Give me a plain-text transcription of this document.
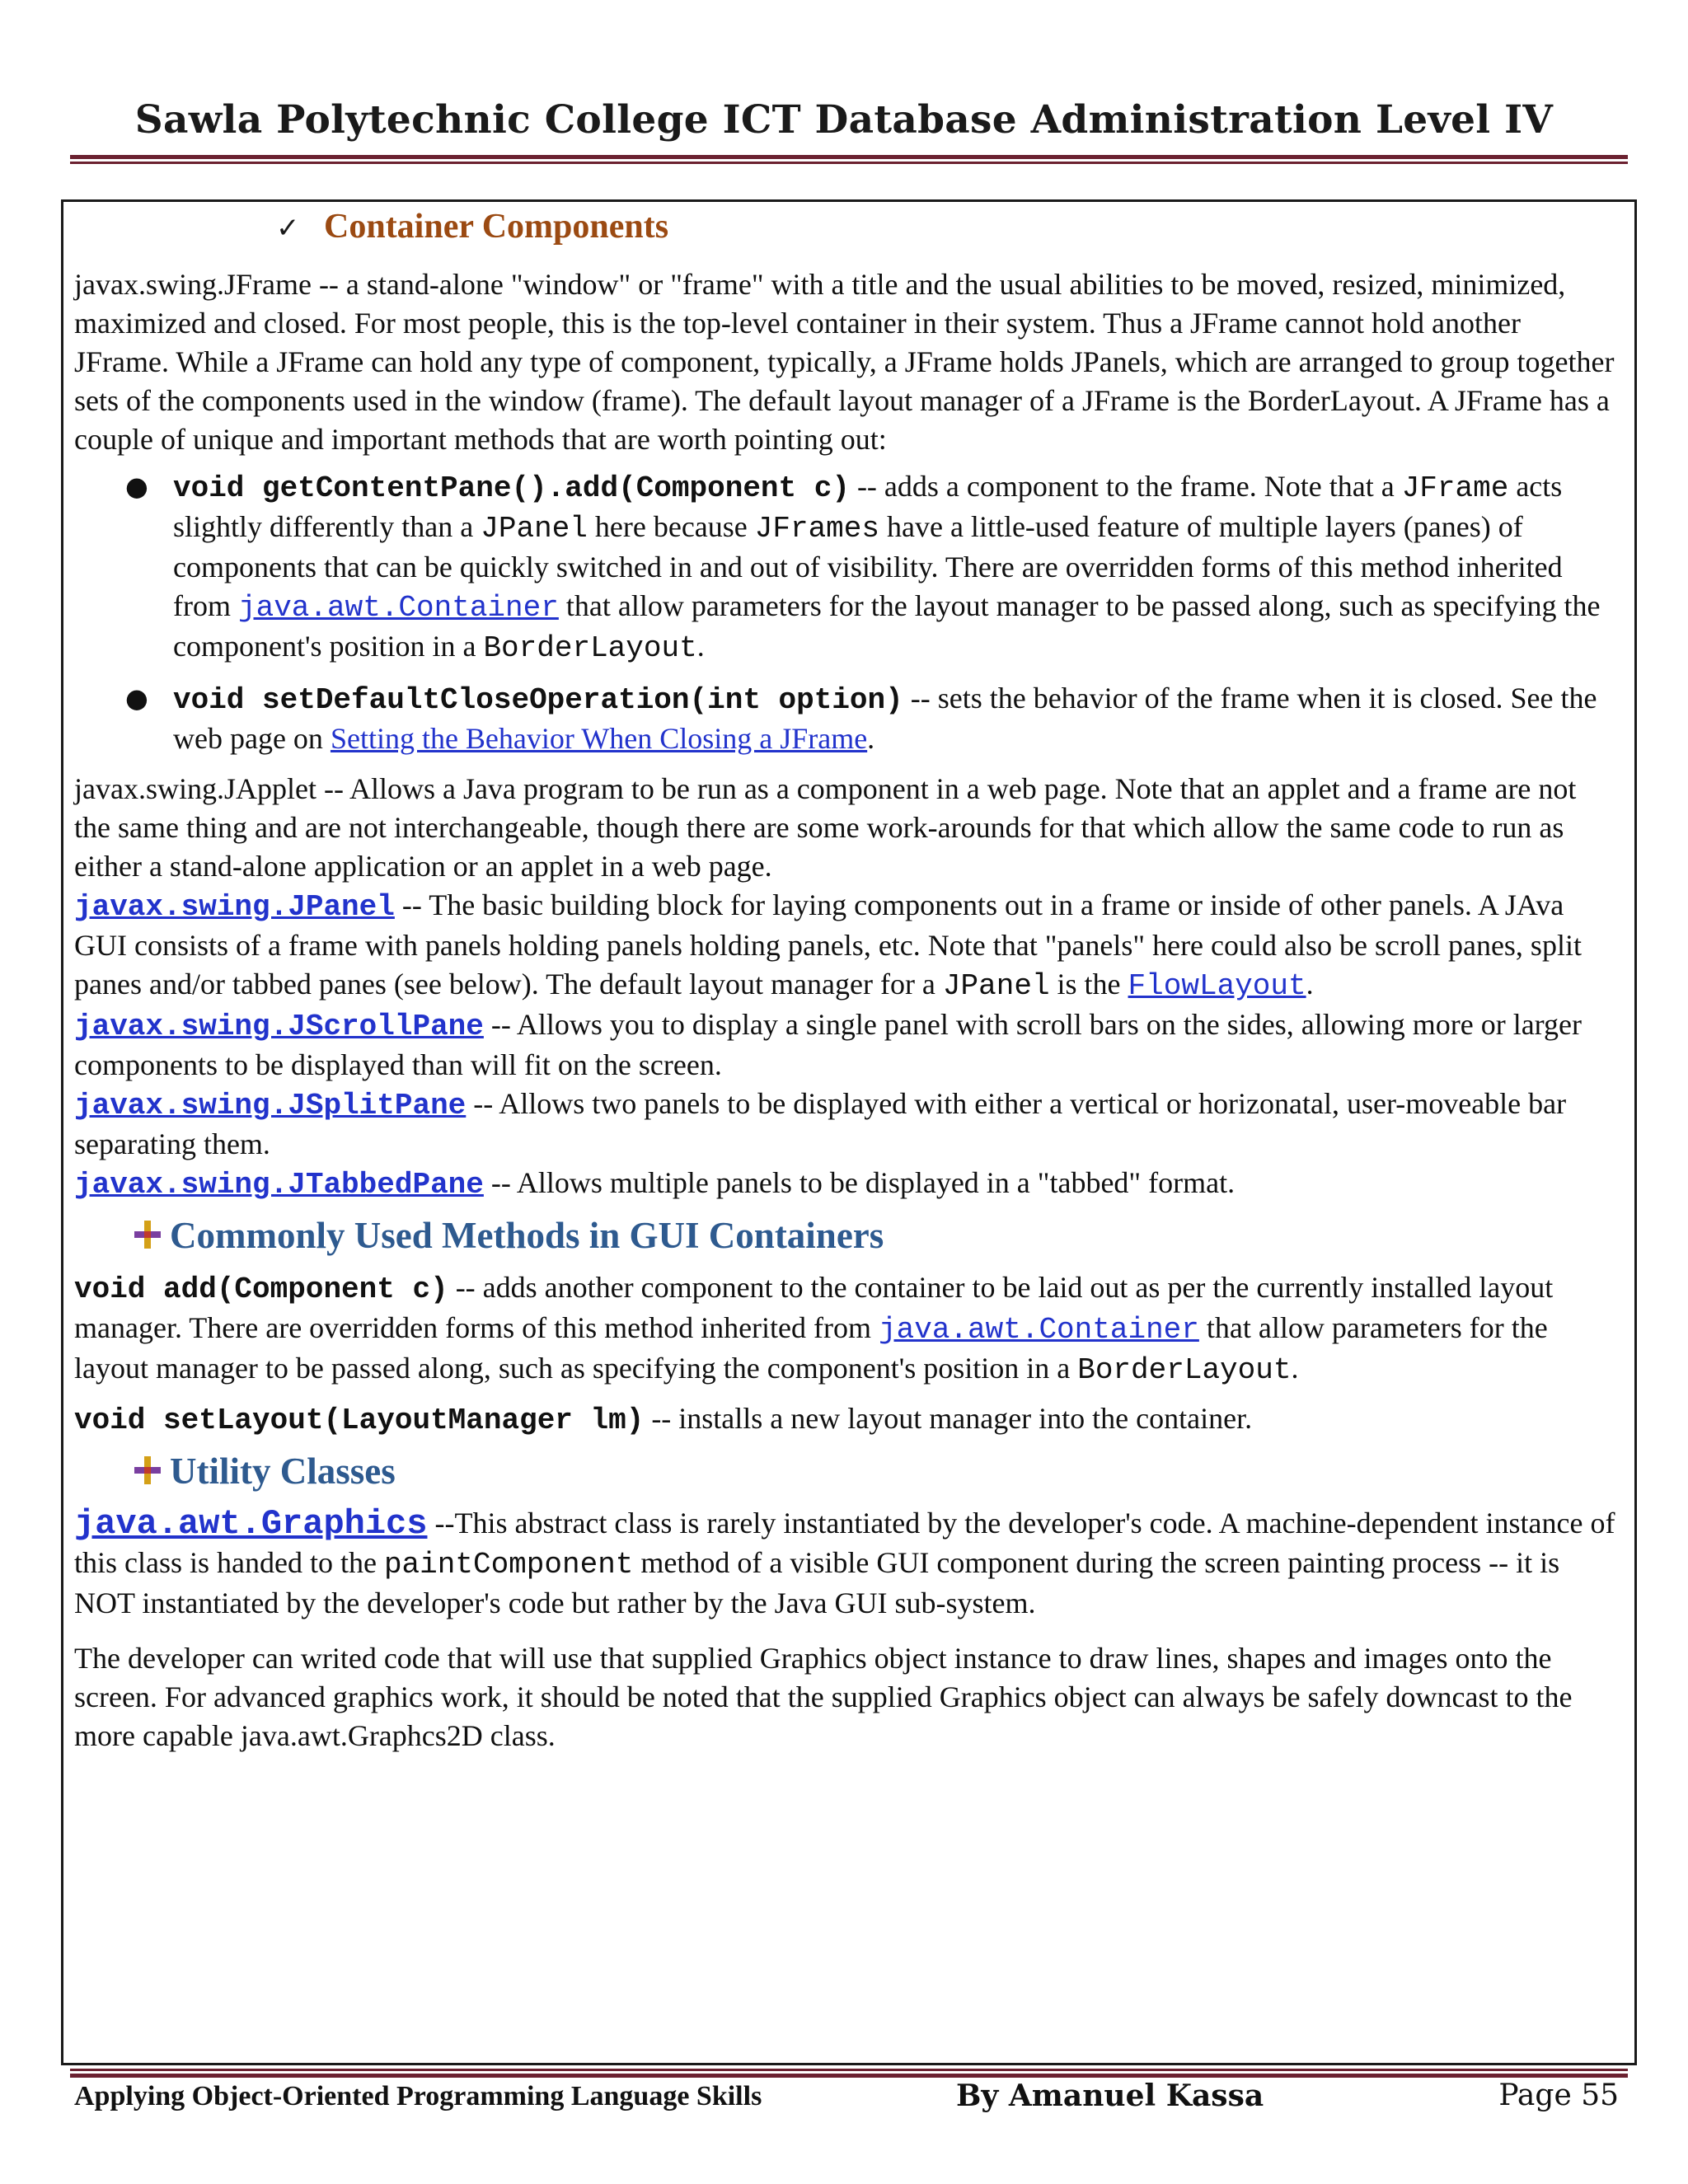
Sawla Polytechnic College ICT Database Administration Level IV
✓ Container Components

javax.swing.JFrame -- a stand-alone "window" or "frame" with a title and the usual abilities to be moved, resized, minimized, maximized and closed. For most people, this is the top-level container in their system. Thus a JFrame cannot hold another JFrame. While a JFrame can hold any type of component, typically, a JFrame holds JPanels, which are arranged to group together sets of the components used in the window (frame). The default layout manager of a JFrame is the BorderLayout. A JFrame has a couple of unique and important methods that are worth pointing out:

● void getContentPane().add(Component c) -- adds a component to the frame. Note that a JFrame acts slightly differently than a JPanel here because JFrames have a little-used feature of multiple layers (panes) of components that can be quickly switched in and out of visibility. There are overridden forms of this method inherited from java.awt.Container that allow parameters for the layout manager to be passed along, such as specifying the component's position in a BorderLayout.
● void setDefaultCloseOperation(int option) -- sets the behavior of the frame when it is closed. See the web page on Setting the Behavior When Closing a JFrame.

javax.swing.JApplet -- Allows a Java program to be run as a component in a web page. Note that an applet and a frame are not the same thing and are not interchangeable, though there are some work-arounds for that which allow the same code to run as either a stand-alone application or an applet in a web page.

javax.swing.JPanel -- The basic building block for laying components out in a frame or inside of other panels. A JAva GUI consists of a frame with panels holding panels holding panels, etc. Note that "panels" here could also be scroll panes, split panes and/or tabbed panes (see below). The default layout manager for a JPanel is the FlowLayout.

javax.swing.JScrollPane -- Allows you to display a single panel with scroll bars on the sides, allowing more or larger components to be displayed than will fit on the screen.

javax.swing.JSplitPane -- Allows two panels to be displayed with either a vertical or horizonatal, user-moveable bar separating them.

javax.swing.JTabbedPane -- Allows multiple panels to be displayed in a "tabbed" format.

Commonly Used Methods in GUI Containers

void add(Component c) -- adds another component to the container to be laid out as per the currently installed layout manager. There are overridden forms of this method inherited from java.awt.Container that allow parameters for the layout manager to be passed along, such as specifying the component's position in a BorderLayout.

void setLayout(LayoutManager lm) -- installs a new layout manager into the container.

Utility Classes

java.awt.Graphics --This abstract class is rarely instantiated by the developer's code. A machine-dependent instance of this class is handed to the paintComponent method of a visible GUI component during the screen painting process -- it is NOT instantiated by the developer's code but rather by the Java GUI sub-system.

The developer can writed code that will use that supplied Graphics object instance to draw lines, shapes and images onto the screen. For advanced graphics work, it should be noted that the supplied Graphics object can always be safely downcast to the more capable java.awt.Graphcs2D class.

Applying Object-Oriented Programming Language Skills	By Amanuel Kassa	Page 55
